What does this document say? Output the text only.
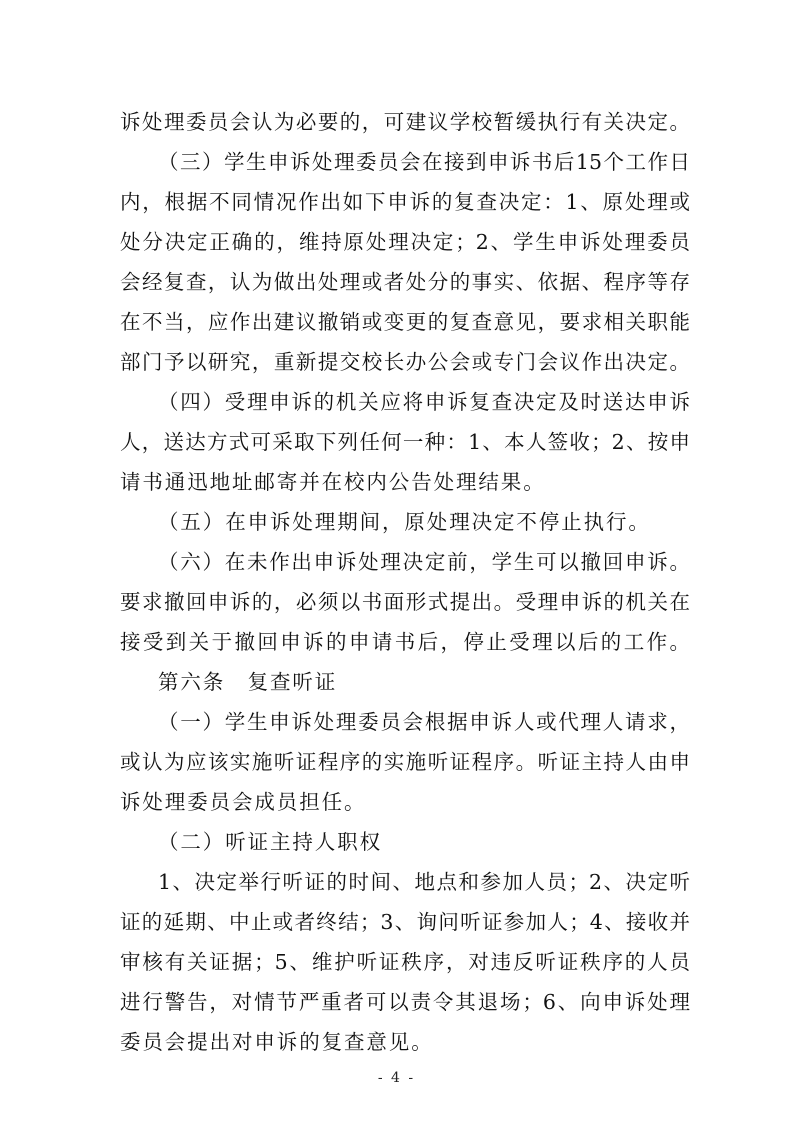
诉处理委员会认为必要的，可建议学校暂缓执行有关决定。
（三）学生申诉处理委员会在接到申诉书后15个工作日
内，根据不同情况作出如下申诉的复查决定：1、原处理或
处分决定正确的，维持原处理决定；2、学生申诉处理委员
会经复查，认为做出处理或者处分的事实、依据、程序等存
在不当，应作出建议撤销或变更的复查意见，要求相关职能
部门予以研究，重新提交校长办公会或专门会议作出决定。
（四）受理申诉的机关应将申诉复查决定及时送达申诉
人，送达方式可采取下列任何一种：1、本人签收；2、按申
请书通迅地址邮寄并在校内公告处理结果。
（五）在申诉处理期间，原处理决定不停止执行。
（六）在未作出申诉处理决定前，学生可以撤回申诉。
要求撤回申诉的，必须以书面形式提出。受理申诉的机关在
接受到关于撤回申诉的申请书后，停止受理以后的工作。
第六条　复查听证
（一）学生申诉处理委员会根据申诉人或代理人请求，
或认为应该实施听证程序的实施听证程序。听证主持人由申
诉处理委员会成员担任。
（二）听证主持人职权
1、决定举行听证的时间、地点和参加人员；2、决定听
证的延期、中止或者终结；3、询问听证参加人；4、接收并
审核有关证据；5、维护听证秩序，对违反听证秩序的人员
进行警告，对情节严重者可以责令其退场；6、向申诉处理
委员会提出对申诉的复查意见。
- 4 -
